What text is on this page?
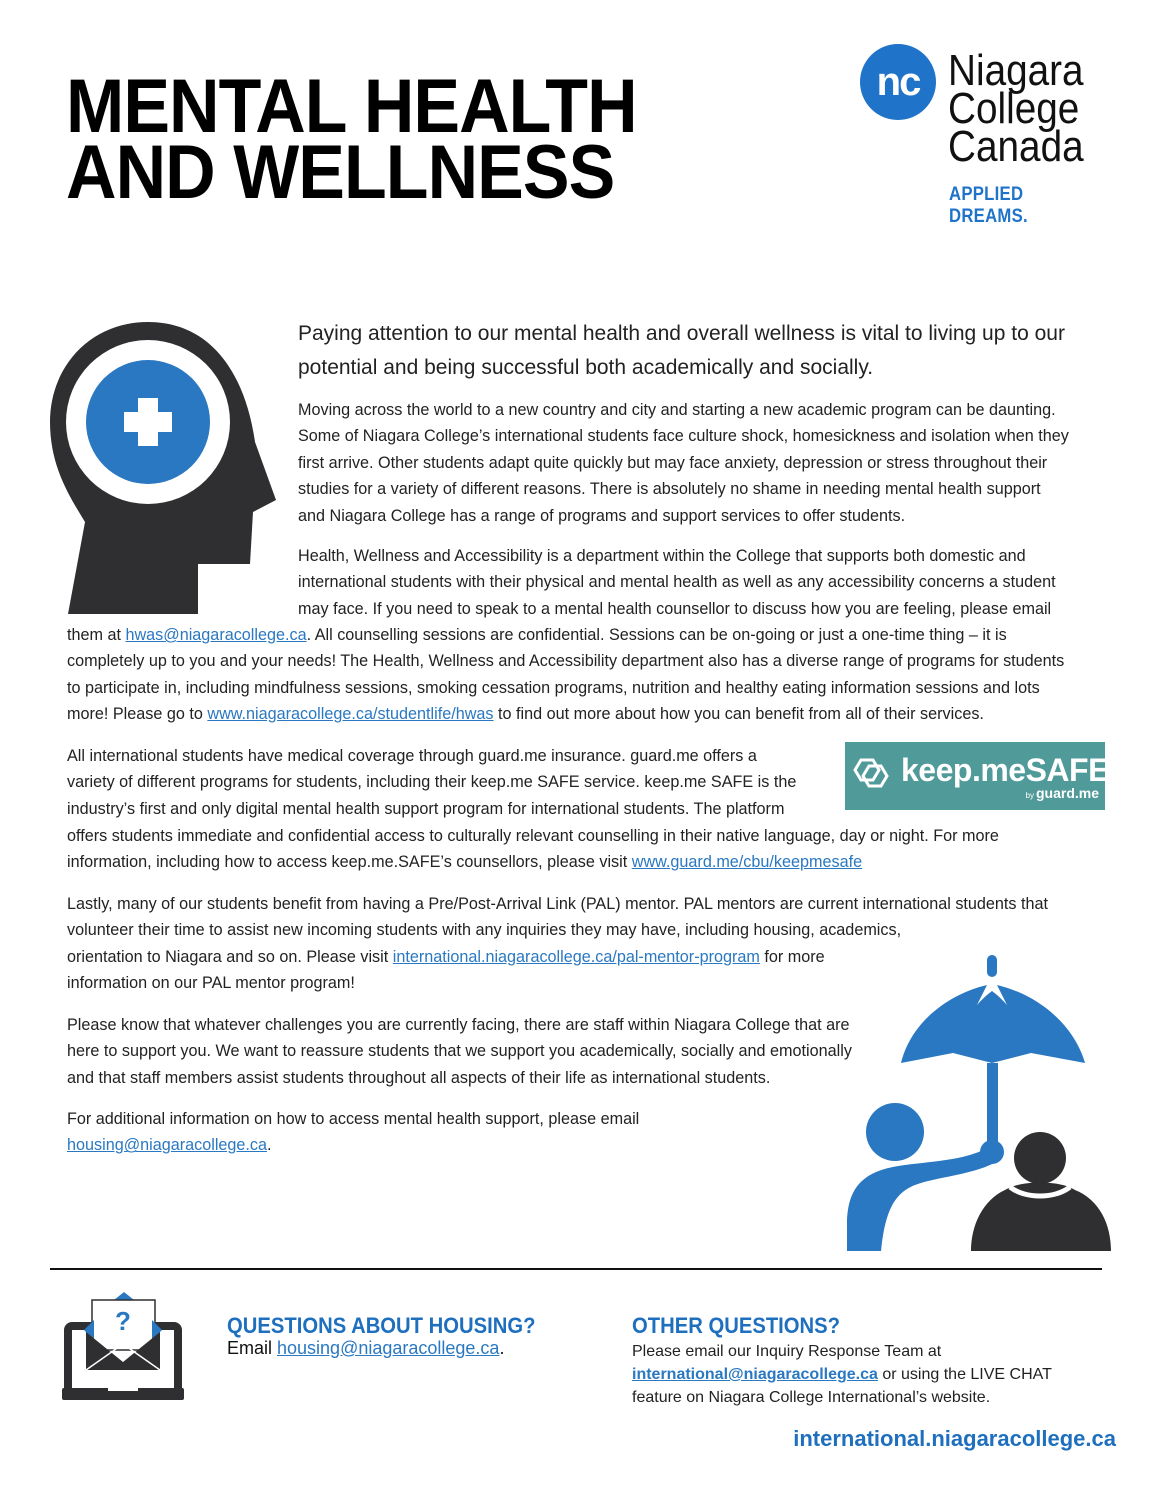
MENTAL HEALTH
AND WELLNESS
nc Niagara
College
Canada
APPLIED DREAMS.

Paying attention to our mental health and overall wellness is vital to living up to our potential and being successful both academically and socially.

Moving across the world to a new country and city and starting a new academic program can be daunting.
Some of Niagara College’s international students face culture shock, homesickness and isolation when they
first arrive. Other students adapt quite quickly but may face anxiety, depression or stress throughout their
studies for a variety of different reasons. There is absolutely no shame in needing mental health support
and Niagara College has a range of programs and support services to offer students.
Health, Wellness and Accessibility is a department within the College that supports both domestic and
international students with their physical and mental health as well as any accessibility concerns a student
may face. If you need to speak to a mental health counsellor to discuss how you are feeling, please email
them at hwas@niagaracollege.ca. All counselling sessions are confidential. Sessions can be on-going or just a one-time thing – it is
completely up to you and your needs! The Health, Wellness and Accessibility department also has a diverse range of programs for students
to participate in, including mindfulness sessions, smoking cessation programs, nutrition and healthy eating information sessions and lots
more! Please go to www.niagaracollege.ca/studentlife/hwas to find out more about how you can benefit from all of their services.
All international students have medical coverage through guard.me insurance. guard.me offers a
variety of different programs for students, including their keep.me SAFE service. keep.me SAFE is the
industry’s first and only digital mental health support program for international students. The platform
offers students immediate and confidential access to culturally relevant counselling in their native language, day or night. For more
information, including how to access keep.me.SAFE’s counsellors, please visit www.guard.me/cbu/keepmesafe
keep.meSAFE
by guard.me
Lastly, many of our students benefit from having a Pre/Post-Arrival Link (PAL) mentor. PAL mentors are current international students that
volunteer their time to assist new incoming students with any inquiries they may have, including housing, academics,
orientation to Niagara and so on. Please visit international.niagaracollege.ca/pal-mentor-program for more
information on our PAL mentor program!
Please know that whatever challenges you are currently facing, there are staff within Niagara College that are
here to support you. We want to reassure students that we support you academically, socially and emotionally
and that staff members assist students throughout all aspects of their life as international students.
For additional information on how to access mental health support, please email
housing@niagaracollege.ca.
?	QUESTIONS ABOUT HOUSING?
Email housing@niagaracollege.ca.
OTHER QUESTIONS?
Please email our Inquiry Response Team at
international@niagaracollege.ca or using the LIVE CHAT
feature on Niagara College International’s website.
international.niagaracollege.ca
